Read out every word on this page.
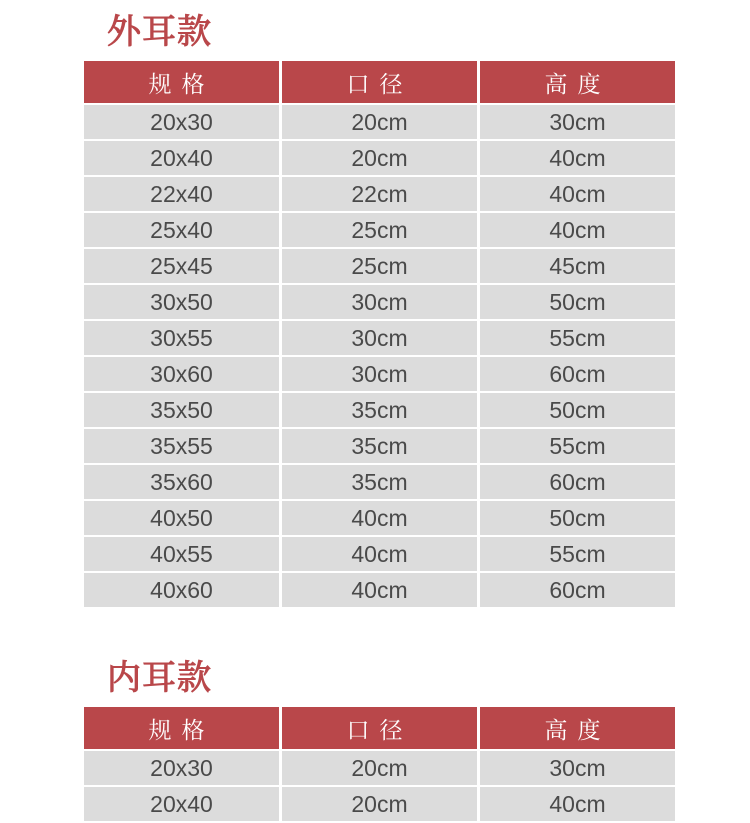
外耳款
规格	口径	高度
20x30	20cm	30cm
20x40	20cm	40cm
22x40	22cm	40cm
25x40	25cm	40cm
25x45	25cm	45cm
30x50	30cm	50cm
30x55	30cm	55cm
30x60	30cm	60cm
35x50	35cm	50cm
35x55	35cm	55cm
35x60	35cm	60cm
40x50	40cm	50cm
40x55	40cm	55cm
40x60	40cm	60cm
内耳款
规格	口径	高度
20x30	20cm	30cm
20x40	20cm	40cm
